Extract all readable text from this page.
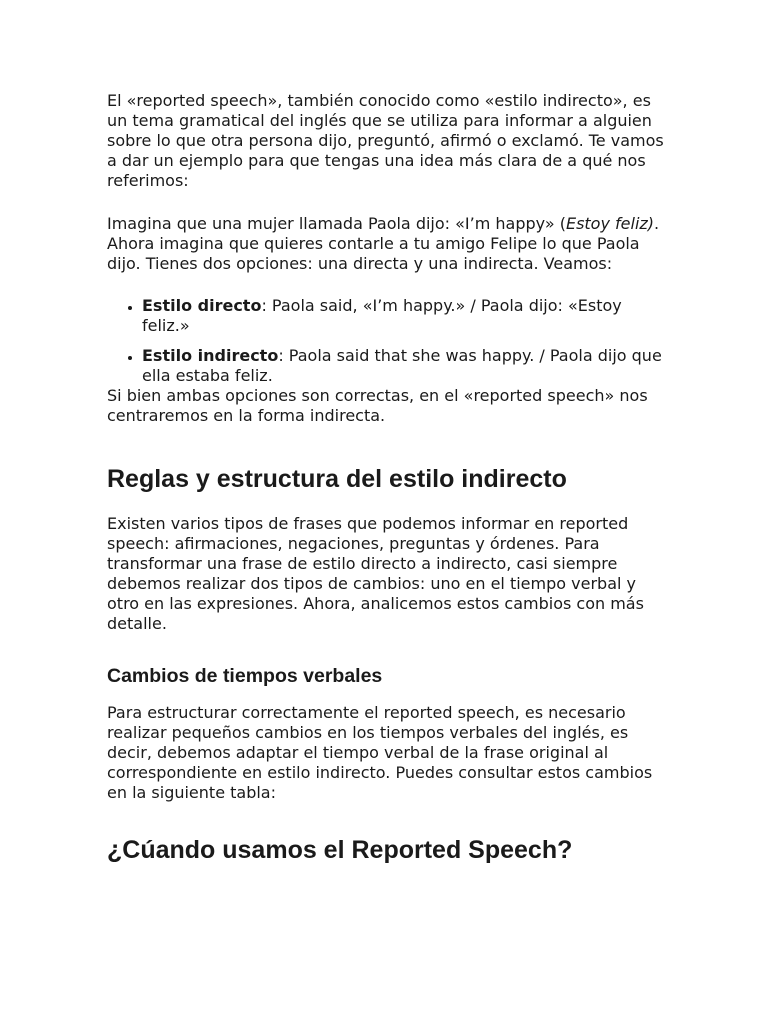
El «reported speech», también conocido como «estilo indirecto», es un tema gramatical del inglés que se utiliza para informar a alguien sobre lo que otra persona dijo, preguntó, afirmó o exclamó. Te vamos a dar un ejemplo para que tengas una idea más clara de a qué nos referimos:

Imagina que una mujer llamada Paola dijo: «I’m happy» (Estoy feliz). Ahora imagina que quieres contarle a tu amigo Felipe lo que Paola dijo. Tienes dos opciones: una directa y una indirecta. Veamos:

• Estilo directo: Paola said, «I’m happy.» / Paola dijo: «Estoy feliz.»
• Estilo indirecto: Paola said that she was happy. / Paola dijo que ella estaba feliz.

Si bien ambas opciones son correctas, en el «reported speech» nos centraremos en la forma indirecta.

Reglas y estructura del estilo indirecto

Existen varios tipos de frases que podemos informar en reported speech: afirmaciones, negaciones, preguntas y órdenes. Para transformar una frase de estilo directo a indirecto, casi siempre debemos realizar dos tipos de cambios: uno en el tiempo verbal y otro en las expresiones. Ahora, analicemos estos cambios con más detalle.

Cambios de tiempos verbales

Para estructurar correctamente el reported speech, es necesario realizar pequeños cambios en los tiempos verbales del inglés, es decir, debemos adaptar el tiempo verbal de la frase original al correspondiente en estilo indirecto. Puedes consultar estos cambios en la siguiente tabla:

¿Cúando usamos el Reported Speech?
